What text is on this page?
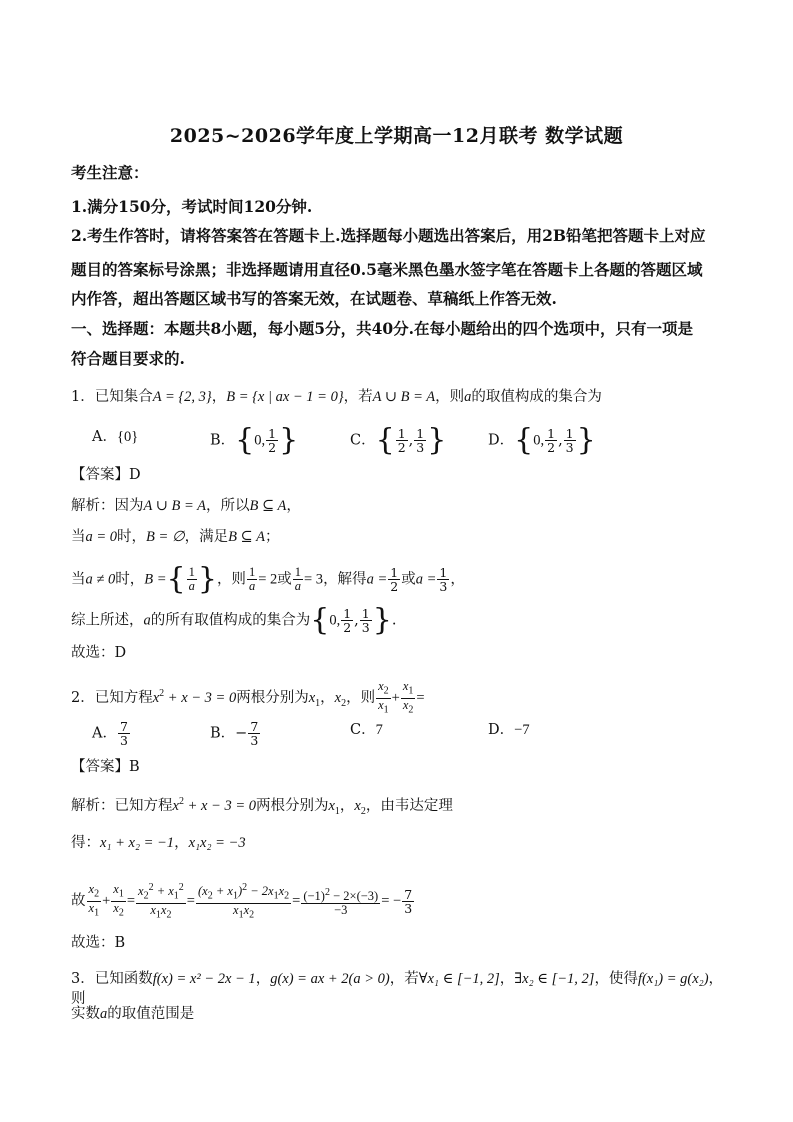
2025~2026学年度上学期高一12月联考 数学试题
考生注意：
1.满分150分，考试时间120分钟.
2.考生作答时，请将答案答在答题卡上.选择题每小题选出答案后，用2B铅笔把答题卡上对应
题目的答案标号涂黑；非选择题请用直径0.5毫米黑色墨水签字笔在答题卡上各题的答题区域
内作答，超出答题区域书写的答案无效，在试题卷、草稿纸上作答无效.
一、选择题：本题共8小题，每小题5分，共40分.在每小题给出的四个选项中，只有一项是
符合题目要求的.
1．已知集合A = {2, 3}，B = {x | ax − 1 = 0}，若A ∪ B = A，则a的取值构成的集合为
A．{0}	B．{0, $\frac{1}{2}$ }	C．{ $\frac{1}{2}$ , $\frac{1}{3}$ }	D．{0, $\frac{1}{2}$ , $\frac{1}{3}$ }
【答案】D
解析：因为A ∪ B = A，所以B ⊆ A，
当a = 0时，B = ∅，满足B ⊆ A；
当a ≠ 0时，B ={ $\frac{1}{a}$ }，则 $\frac{1}{a} = 2$或 $\frac{1}{a} = 3$，解得$a = \frac{1}{2}$ 或$a = \frac{1}{3}$ ，
综上所述，a的所有取值构成的集合为{0, $\frac{1}{2}$ , $\frac{1}{3}$ }.
故选：D
2．已知方程$x^2 + x - 3 = 0$两根分别为$x_1$，$x_2$，则 $\frac{x_2}{x_1} + \frac{x_1}{x_2}$ =
A． $\frac{7}{3}$	B．− $\frac{7}{3}$	C．7	D．−7
【答案】B
解析：已知方程$x^2 + x - 3 = 0$两根分别为$x_1$，$x_2$，由韦达定理
得：x₁ + x₂ = −1，x₁x₂ = −3
故 $\frac{x_2}{x_1} + \frac{x_1}{x_2} = \frac{x_2^2 + x_1^2}{x_1x_2} = \frac{(x_2 + x_1)^2 - 2x_1x_2}{x_1x_2} = \frac{(-1)^2 - 2\times(-3)}{-3}$ = − $\frac{7}{3}$
故选：B
3．已知函数f(x) = x² − 2x − 1，g(x) = ax + 2(a > 0)，若∀x₁ ∈ [−1, 2]，∃x₂ ∈ [−1, 2]，使得f(x₁) = g(x₂)，则
实数a的取值范围是
